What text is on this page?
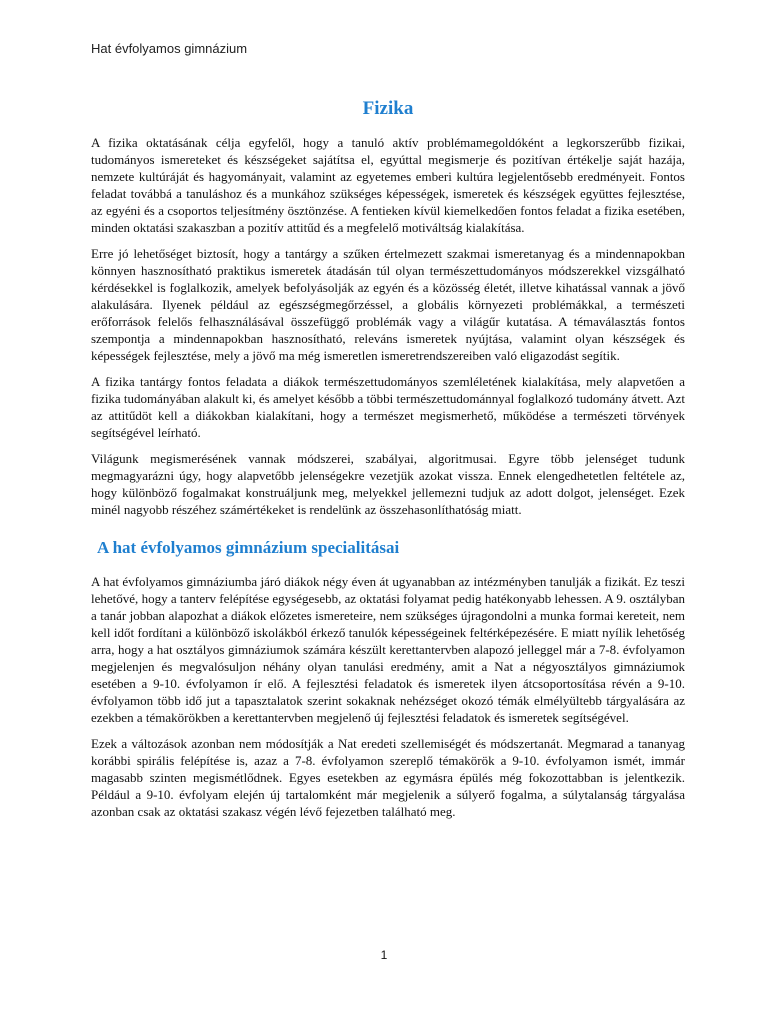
Hat évfolyamos gimnázium
Fizika

A fizika oktatásának célja egyfelől, hogy a tanuló aktív problémamegoldóként a legkorszerűbb fizikai, tudományos ismereteket és készségeket sajátítsa el, egyúttal megismerje és pozitívan értékelje saját hazája, nemzete kultúráját és hagyományait, valamint az egyetemes emberi kultúra legjelentősebb eredményeit. Fontos feladat továbbá a tanuláshoz és a munkához szükséges képességek, ismeretek és készségek együttes fejlesztése, az egyéni és a csoportos teljesítmény ösztönzése. A fentieken kívül kiemelkedően fontos feladat a fizika esetében, minden oktatási szakaszban a pozitív attitűd és a megfelelő motiváltság kialakítása.

Erre jó lehetőséget biztosít, hogy a tantárgy a szűken értelmezett szakmai ismeretanyag és a mindennapokban könnyen hasznosítható praktikus ismeretek átadásán túl olyan természettudományos módszerekkel vizsgálható kérdésekkel is foglalkozik, amelyek befolyásolják az egyén és a közösség életét, illetve kihatással vannak a jövő alakulására. Ilyenek például az egészségmegőrzéssel, a globális környezeti problémákkal, a természeti erőforrások felelős felhasználásával összefüggő problémák vagy a világűr kutatása. A témaválasztás fontos szempontja a mindennapokban hasznosítható, releváns ismeretek nyújtása, valamint olyan készségek és képességek fejlesztése, mely a jövő ma még ismeretlen ismeretrendszereiben való eligazodást segítik.

A fizika tantárgy fontos feladata a diákok természettudományos szemléletének kialakítása, mely alapvetően a fizika tudományában alakult ki, és amelyet később a többi természettudománnyal foglalkozó tudomány átvett. Azt az attitűdöt kell a diákokban kialakítani, hogy a természet megismerhető, működése a természeti törvények segítségével leírható.

Világunk megismerésének vannak módszerei, szabályai, algoritmusai. Egyre több jelenséget tudunk megmagyarázni úgy, hogy alapvetőbb jelenségekre vezetjük azokat vissza. Ennek elengedhetetlen feltétele az, hogy különböző fogalmakat konstruáljunk meg, melyekkel jellemezni tudjuk az adott dolgot, jelenséget. Ezek minél nagyobb részéhez számértékeket is rendelünk az összehasonlíthatóság miatt.

A hat évfolyamos gimnázium specialitásai

A hat évfolyamos gimnáziumba járó diákok négy éven át ugyanabban az intézményben tanulják a fizikát. Ez teszi lehetővé, hogy a tanterv felépítése egységesebb, az oktatási folyamat pedig hatékonyabb lehessen. A 9. osztályban a tanár jobban alapozhat a diákok előzetes ismereteire, nem szükséges újragondolni a munka formai kereteit, nem kell időt fordítani a különböző iskolákból érkező tanulók képességeinek feltérképezésére. E miatt nyílik lehetőség arra, hogy a hat osztályos gimnáziumok számára készült kerettantervben alapozó jelleggel már a 7-8. évfolyamon megjelenjen és megvalósuljon néhány olyan tanulási eredmény, amit a Nat a négyosztályos gimnáziumok esetében a 9-10. évfolyamon ír elő. A fejlesztési feladatok és ismeretek ilyen átcsoportosítása révén a 9-10. évfolyamon több idő jut a tapasztalatok szerint sokaknak nehézséget okozó témák elmélyültebb tárgyalására az ezekben a témakörökben a kerettantervben megjelenő új fejlesztési feladatok és ismeretek segítségével.

Ezek a változások azonban nem módosítják a Nat eredeti szellemiségét és módszertanát. Megmarad a tananyag korábbi spirális felépítése is, azaz a 7-8. évfolyamon szereplő témakörök a 9-10. évfolyamon ismét, immár magasabb szinten megismétlődnek. Egyes esetekben az egymásra épülés még fokozottabban is jelentkezik. Például a 9-10. évfolyam elején új tartalomként már megjelenik a súlyerő fogalma, a súlytalanság tárgyalása azonban csak az oktatási szakasz végén lévő fejezetben található meg.

1
